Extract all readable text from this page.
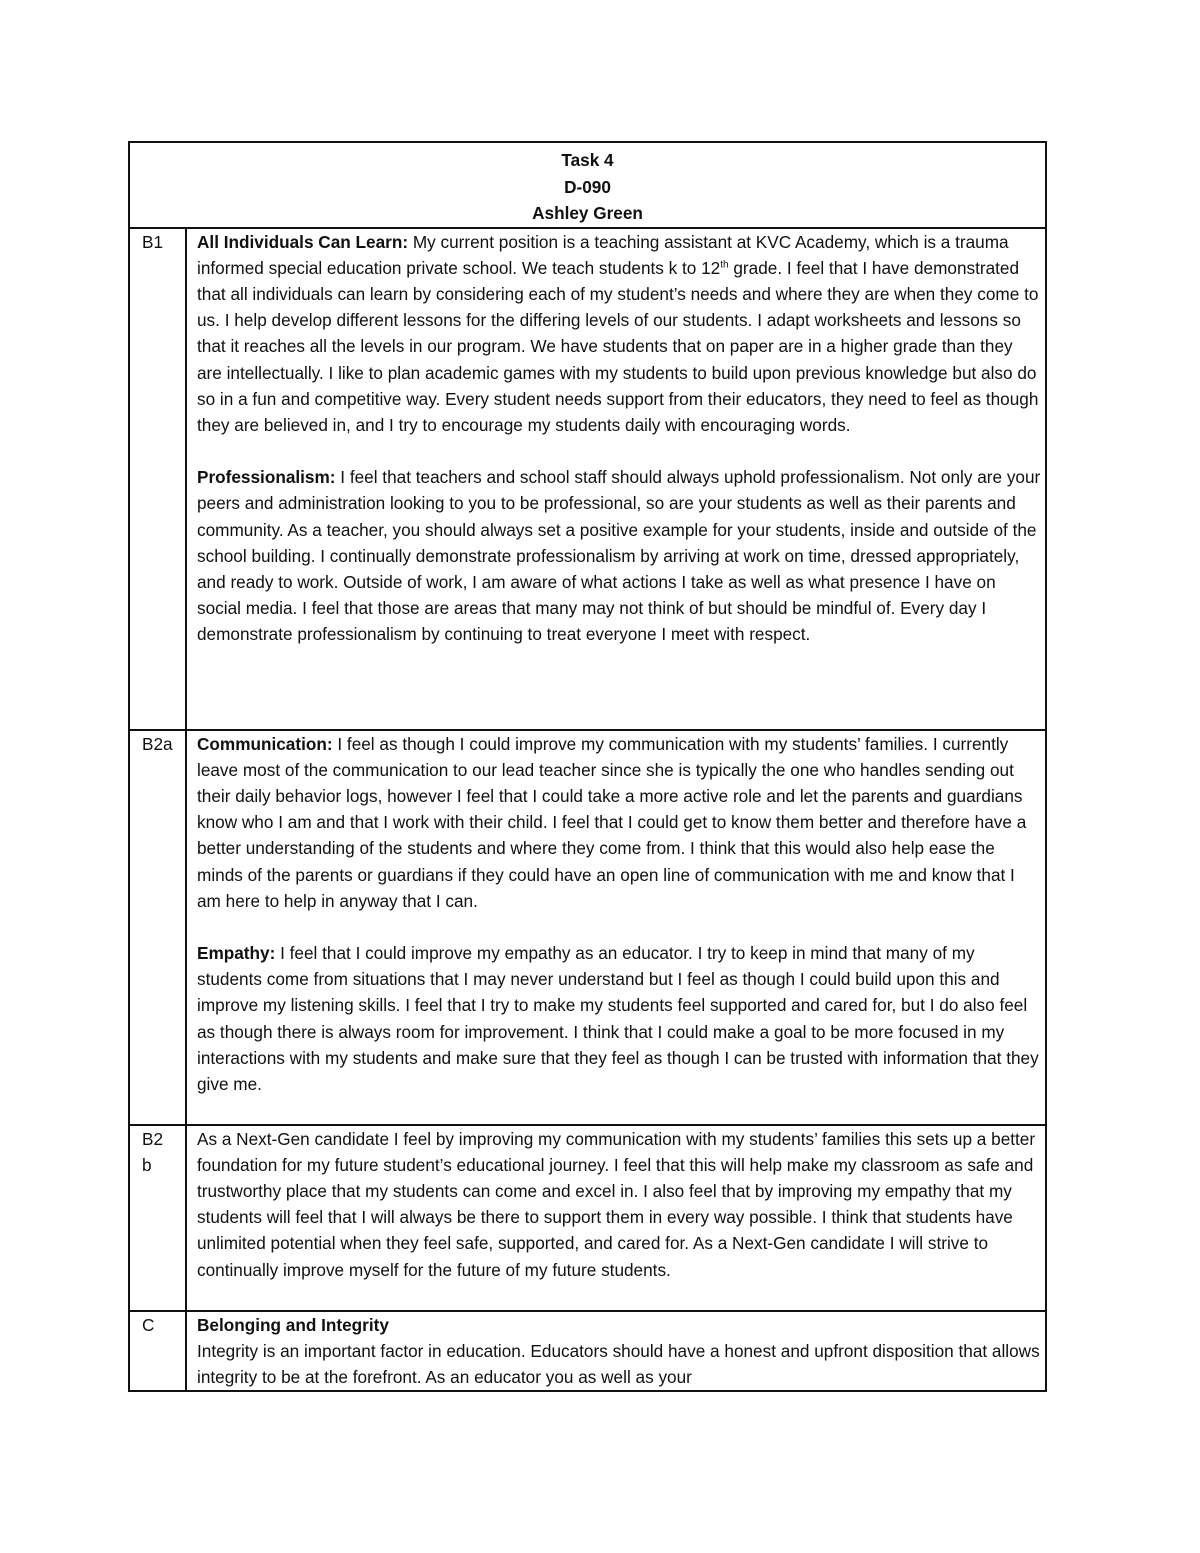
Task 4
D-090
Ashley Green	

B1	All Individuals Can Learn: My current position is a teaching assistant at KVC Academy, which is a trauma informed special education private school. We teach students k to 12th grade. I feel that I have demonstrated that all individuals can learn by considering each of my student’s needs and where they are when they come to us. I help develop different lessons for the differing levels of our students. I adapt worksheets and lessons so that it reaches all the levels in our program. We have students that on paper are in a higher grade than they are intellectually. I like to plan academic games with my students to build upon previous knowledge but also do so in a fun and competitive way. Every student needs support from their educators, they need to feel as though they are believed in, and I try to encourage my students daily with encouraging words.

Professionalism: I feel that teachers and school staff should always uphold professionalism. Not only are your peers and administration looking to you to be professional, so are your students as well as their parents and community. As a teacher, you should always set a positive example for your students, inside and outside of the school building. I continually demonstrate professionalism by arriving at work on time, dressed appropriately, and ready to work. Outside of work, I am aware of what actions I take as well as what presence I have on social media. I feel that those are areas that many may not think of but should be mindful of. Every day I demonstrate professionalism by continuing to treat everyone I meet with respect.

B2a	Communication: I feel as though I could improve my communication with my students’ families. I currently leave most of the communication to our lead teacher since she is typically the one who handles sending out their daily behavior logs, however I feel that I could take a more active role and let the parents and guardians know who I am and that I work with their child. I feel that I could get to know them better and therefore have a better understanding of the students and where they come from. I think that this would also help ease the minds of the parents or guardians if they could have an open line of communication with me and know that I am here to help in anyway that I can.

Empathy: I feel that I could improve my empathy as an educator. I try to keep in mind that many of my students come from situations that I may never understand but I feel as though I could build upon this and improve my listening skills. I feel that I try to make my students feel supported and cared for, but I do also feel as though there is always room for improvement. I think that I could make a goal to be more focused in my interactions with my students and make sure that they feel as though I can be trusted with information that they give me.

B2
b	As a Next-Gen candidate I feel by improving my communication with my students’ families this sets up a better foundation for my future student’s educational journey. I feel that this will help make my classroom as safe and trustworthy place that my students can come and excel in. I also feel that by improving my empathy that my students will feel that I will always be there to support them in every way possible. I think that students have unlimited potential when they feel safe, supported, and cared for. As a Next-Gen candidate I will strive to continually improve myself for the future of my future students.

C	Belonging and Integrity

Integrity is an important factor in education. Educators should have a honest and upfront disposition that allows integrity to be at the forefront. As an educator you as well as your
